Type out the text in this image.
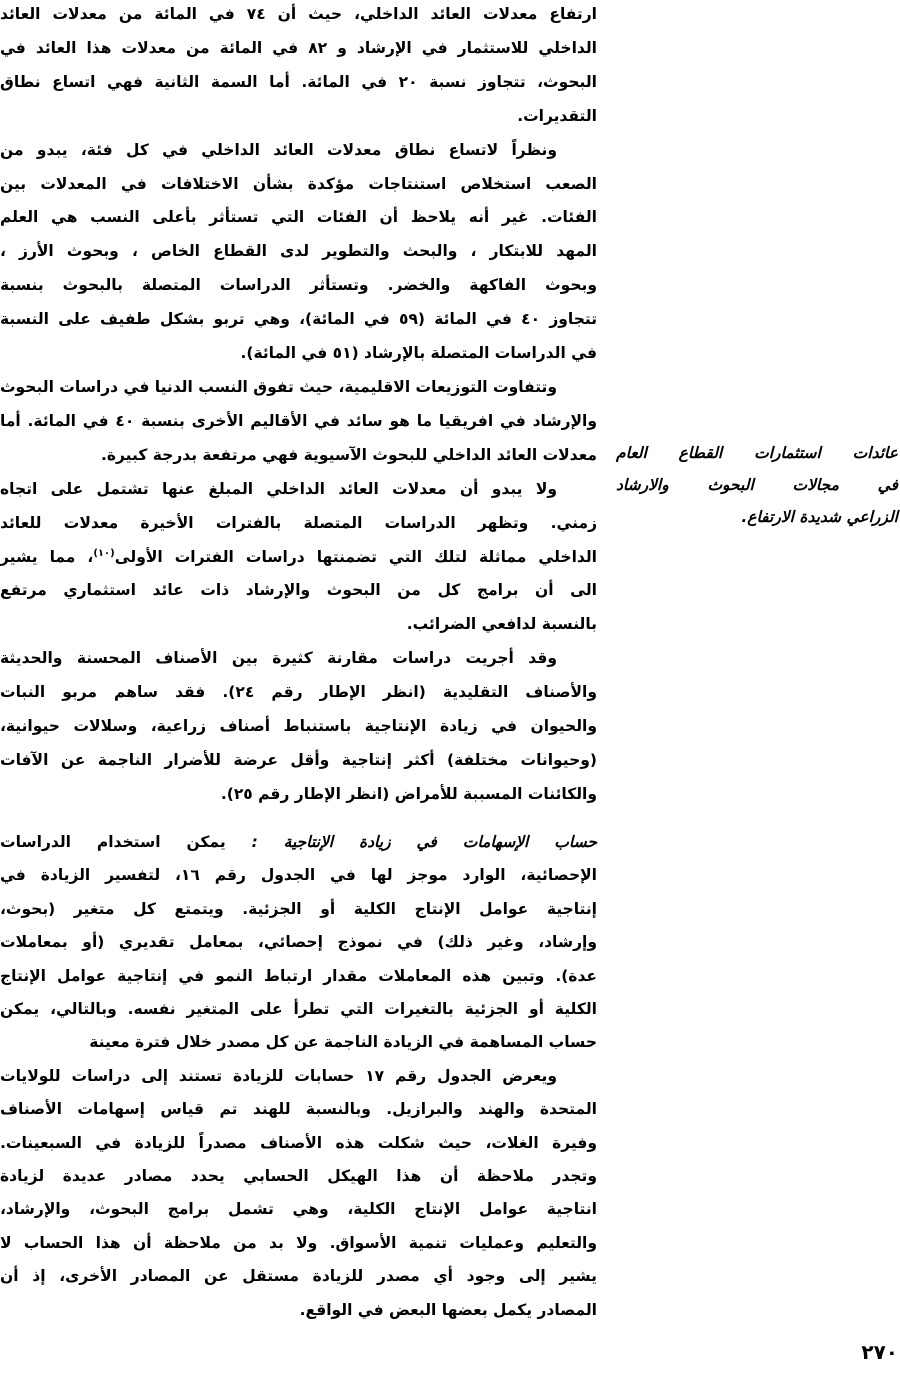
ارتفاع معدلات العائد الداخلي، حيث أن ٧٤ في المائة من معدلات العائد
الداخلي للاستثمار في الإرشاد و ٨٢ في المائة من معدلات هذا العائد في
البحوث، تتجاوز نسبة ٢٠ في المائة. أما السمة الثانية فهي اتساع نطاق
التقديرات.
ونظراً لاتساع نطاق معدلات العائد الداخلي في كل فئة، يبدو من
الصعب استخلاص استنتاجات مؤكدة بشأن الاختلافات في المعدلات بين
الفئات. غير أنه يلاحظ أن الفئات التي تستأثر بأعلى النسب هي العلم
المهد للابتكار ، والبحث والتطوير لدى القطاع الخاص ، وبحوث الأرز ،
وبحوث الفاكهة والخضر. وتستأثر الدراسات المتصلة بالبحوث بنسبة
تتجاوز ٤٠ في المائة (٥٩ في المائة)، وهي تربو بشكل طفيف على النسبة
في الدراسات المتصلة بالإرشاد (٥١ في المائة).
وتتفاوت التوزيعات الاقليمية، حيث تفوق النسب الدنيا في دراسات البحوث
والإرشاد في افريقيا ما هو سائد في الأقاليم الأخرى بنسبة ٤٠ في المائة. أما
معدلات العائد الداخلي للبحوث الآسيوية فهي مرتفعة بدرجة كبيرة.
ولا يبدو أن معدلات العائد الداخلي المبلغ عنها تشتمل على اتجاه
زمني. وتظهر الدراسات المتصلة بالفترات الأخيرة معدلات للعائد
الداخلي مماثلة لتلك التي تضمنتها دراسات الفترات الأولى$^{(١٠)}$، مما يشير
الى أن برامج كل من البحوث والإرشاد ذات عائد استثماري مرتفع
بالنسبة لدافعي الضرائب.
وقد أجريت دراسات مقارنة كثيرة بين الأصناف المحسنة والحديثة
والأصناف التقليدية (انظر الإطار رقم ٢٤). فقد ساهم مربو النبات
والحيوان في زيادة الإنتاجية باستنباط أصناف زراعية، وسلالات حيوانية،
(وحيوانات مختلفة) أكثر إنتاجية وأقل عرضة للأضرار الناجمة عن الآفات
والكائنات المسببة للأمراض (انظر الإطار رقم ٢٥).
حساب الإسهامات في زيادة الإنتاجية : يمكن استخدام الدراسات
الإحصائية، الوارد موجز لها في الجدول رقم ١٦، لتفسير الزيادة في
إنتاجية عوامل الإنتاج الكلية أو الجزئية. ويتمتع كل متغير (بحوث،
وإرشاد، وغير ذلك) في نموذج إحصائي، بمعامل تقديري (أو بمعاملات
عدة). وتبين هذه المعاملات مقدار ارتباط النمو في إنتاجية عوامل الإنتاج
الكلية أو الجزئية بالتغيرات التي تطرأ على المتغير نفسه. وبالتالي، يمكن
حساب المساهمة في الزيادة الناجمة عن كل مصدر خلال فترة معينة
ويعرض الجدول رقم ١٧ حسابات للزيادة تستند إلى دراسات للولايات
المتحدة والهند والبرازيل. وبالنسبة للهند تم قياس إسهامات الأصناف
وفيرة الغلات، حيث شكلت هذه الأصناف مصدراً للزيادة في السبعينات.
وتجدر ملاحظة أن هذا الهيكل الحسابي يحدد مصادر عديدة لزيادة
انتاجية عوامل الإنتاج الكلية، وهي تشمل برامج البحوث، والإرشاد،
والتعليم وعمليات تنمية الأسواق. ولا بد من ملاحظة أن هذا الحساب لا
يشير إلى وجود أي مصدر للزيادة مستقل عن المصادر الأخرى، إذ أن
المصادر يكمل بعضها البعض في الواقع.
عائدات استثمارات القطاع العام
في مجالات البحوث والارشاد
الزراعي شديدة الارتفاع.
٢٧٠
